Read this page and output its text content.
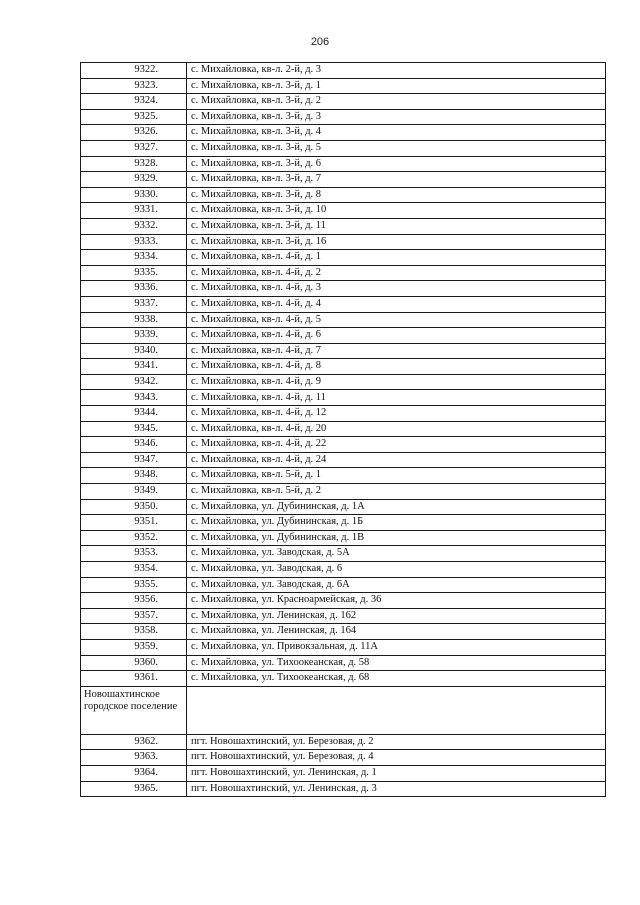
206
9322.	с. Михайловка, кв-л. 2-й, д. 3
9323.	с. Михайловка, кв-л. 3-й, д. 1
9324.	с. Михайловка, кв-л. 3-й, д. 2
9325.	с. Михайловка, кв-л. 3-й, д. 3
9326.	с. Михайловка, кв-л. 3-й, д. 4
9327.	с. Михайловка, кв-л. 3-й, д. 5
9328.	с. Михайловка, кв-л. 3-й, д. 6
9329.	с. Михайловка, кв-л. 3-й, д. 7
9330.	с. Михайловка, кв-л. 3-й, д. 8
9331.	с. Михайловка, кв-л. 3-й, д. 10
9332.	с. Михайловка, кв-л. 3-й, д. 11
9333.	с. Михайловка, кв-л. 3-й, д. 16
9334.	с. Михайловка, кв-л. 4-й, д. 1
9335.	с. Михайловка, кв-л. 4-й, д. 2
9336.	с. Михайловка, кв-л. 4-й, д. 3
9337.	с. Михайловка, кв-л. 4-й, д. 4
9338.	с. Михайловка, кв-л. 4-й, д. 5
9339.	с. Михайловка, кв-л. 4-й, д. 6
9340.	с. Михайловка, кв-л. 4-й, д. 7
9341.	с. Михайловка, кв-л. 4-й, д. 8
9342.	с. Михайловка, кв-л. 4-й, д. 9
9343.	с. Михайловка, кв-л. 4-й, д. 11
9344.	с. Михайловка, кв-л. 4-й, д. 12
9345.	с. Михайловка, кв-л. 4-й, д. 20
9346.	с. Михайловка, кв-л. 4-й, д. 22
9347.	с. Михайловка, кв-л. 4-й, д. 24
9348.	с. Михайловка, кв-л. 5-й, д. 1
9349.	с. Михайловка, кв-л. 5-й, д. 2
9350.	с. Михайловка, ул. Дубининская, д. 1А
9351.	с. Михайловка, ул. Дубининская, д. 1Б
9352.	с. Михайловка, ул. Дубининская, д. 1В
9353.	с. Михайловка, ул. Заводская, д. 5А
9354.	с. Михайловка, ул. Заводская, д. 6
9355.	с. Михайловка, ул. Заводская, д. 6А
9356.	с. Михайловка, ул. Красноармейская, д. 36
9357.	с. Михайловка, ул. Ленинская, д. 162
9358.	с. Михайловка, ул. Ленинская, д. 164
9359.	с. Михайловка, ул. Привокзальная, д. 11А
9360.	с. Михайловка, ул. Тихоокеанская, д. 58
9361.	с. Михайловка, ул. Тихоокеанская, д. 68
Новошахтинское городское поселение	
9362.	пгт. Новошахтинский, ул. Березовая, д. 2
9363.	пгт. Новошахтинский, ул. Березовая, д. 4
9364.	пгт. Новошахтинский, ул. Ленинская, д. 1
9365.	пгт. Новошахтинский, ул. Ленинская, д. 3
